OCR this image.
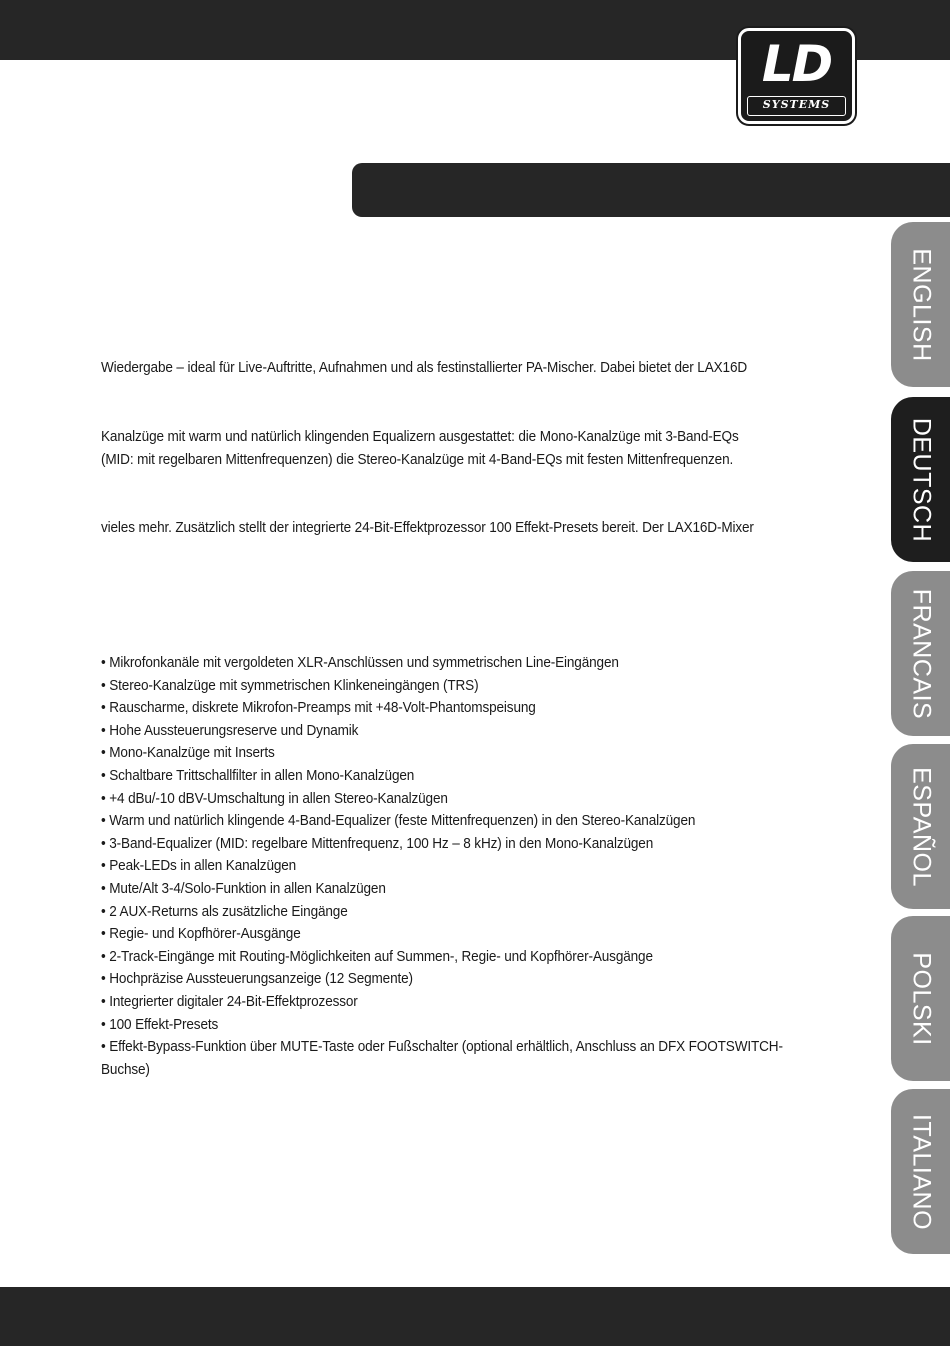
LD
SYSTEMS
ENGLISH
DEUTSCH
FRANCAIS
ESPAÑOL
POLSKI
ITALIANO
Wiedergabe – ideal für Live-Auftritte, Aufnahmen und als festinstallierter PA-Mischer. Dabei bietet der LAX16D
Kanalzüge mit warm und natürlich klingenden Equalizern ausgestattet: die Mono-Kanalzüge mit 3-Band-EQs
(MID: mit regelbaren Mittenfrequenzen) die Stereo-Kanalzüge mit 4-Band-EQs mit festen Mittenfrequenzen.
vieles mehr. Zusätzlich stellt der integrierte 24-Bit-Effektprozessor 100 Effekt-Presets bereit. Der LAX16D-Mixer
• Mikrofonkanäle mit vergoldeten XLR-Anschlüssen und symmetrischen Line-Eingängen
• Stereo-Kanalzüge mit symmetrischen Klinkeneingängen (TRS)
• Rauscharme, diskrete Mikrofon-Preamps mit +48-Volt-Phantomspeisung
• Hohe Aussteuerungsreserve und Dynamik
• Mono-Kanalzüge mit Inserts
• Schaltbare Trittschallfilter in allen Mono-Kanalzügen
• +4 dBu/-10 dBV-Umschaltung in allen Stereo-Kanalzügen
• Warm und natürlich klingende 4-Band-Equalizer (feste Mittenfrequenzen) in den Stereo-Kanalzügen
• 3-Band-Equalizer (MID: regelbare Mittenfrequenz, 100 Hz – 8 kHz) in den Mono-Kanalzügen
• Peak-LEDs in allen Kanalzügen
• Mute/Alt 3-4/Solo-Funktion in allen Kanalzügen
• 2 AUX-Returns als zusätzliche Eingänge
• Regie- und Kopfhörer-Ausgänge
• 2-Track-Eingänge mit Routing-Möglichkeiten auf Summen-, Regie- und Kopfhörer-Ausgänge
• Hochpräzise Aussteuerungsanzeige (12 Segmente)
• Integrierter digitaler 24-Bit-Effektprozessor
• 100 Effekt-Presets
• Effekt-Bypass-Funktion über MUTE-Taste oder Fußschalter (optional erhältlich, Anschluss an DFX FOOTSWITCH-
Buchse)
